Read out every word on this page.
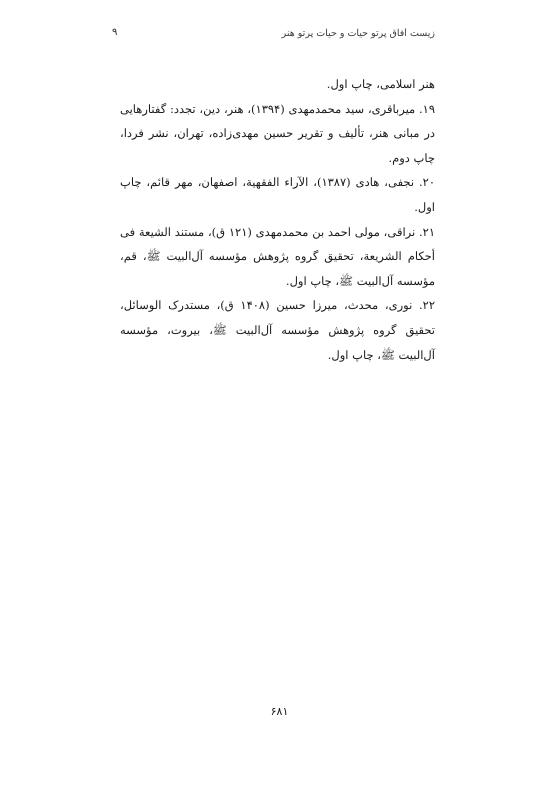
زیست‌ آفاق‌ پرتو حیات و حیات‌ پرتو هنر
۹

هنر اسلامی، چاپ اول.

۱۹. میرباقری، سید محمدمهدی (۱۳۹۴)، هنر، دین، تجدد: گفتارهایی در مبانی هنر، تألیف و تقریر حسین مهدی‌زاده، تهران، نشر فردا، چاپ دوم.

۲۰. نجفی، هادی (۱۳۸۷)، الآراء الفقهیة، اصفهان، مهر قائم، چاپ اول.

۲۱. نراقی، مولی احمد بن محمدمهدی (۱۲۱ ق)، مستند الشیعة فی أحکام الشریعة، تحقیق گروه پژوهش مؤسسه آل‌البیت ﷺ، قم، مؤسسه آل‌البیت ﷺ، چاپ اول.

۲۲. نوری، محدث، میرزا حسین (۱۴۰۸ ق)، مستدرک الوسائل، تحقیق گروه پژوهش مؤسسه آل‌البیت ﷺ، بیروت، مؤسسه آل‌البیت ﷺ، چاپ اول.

۶۸۱
